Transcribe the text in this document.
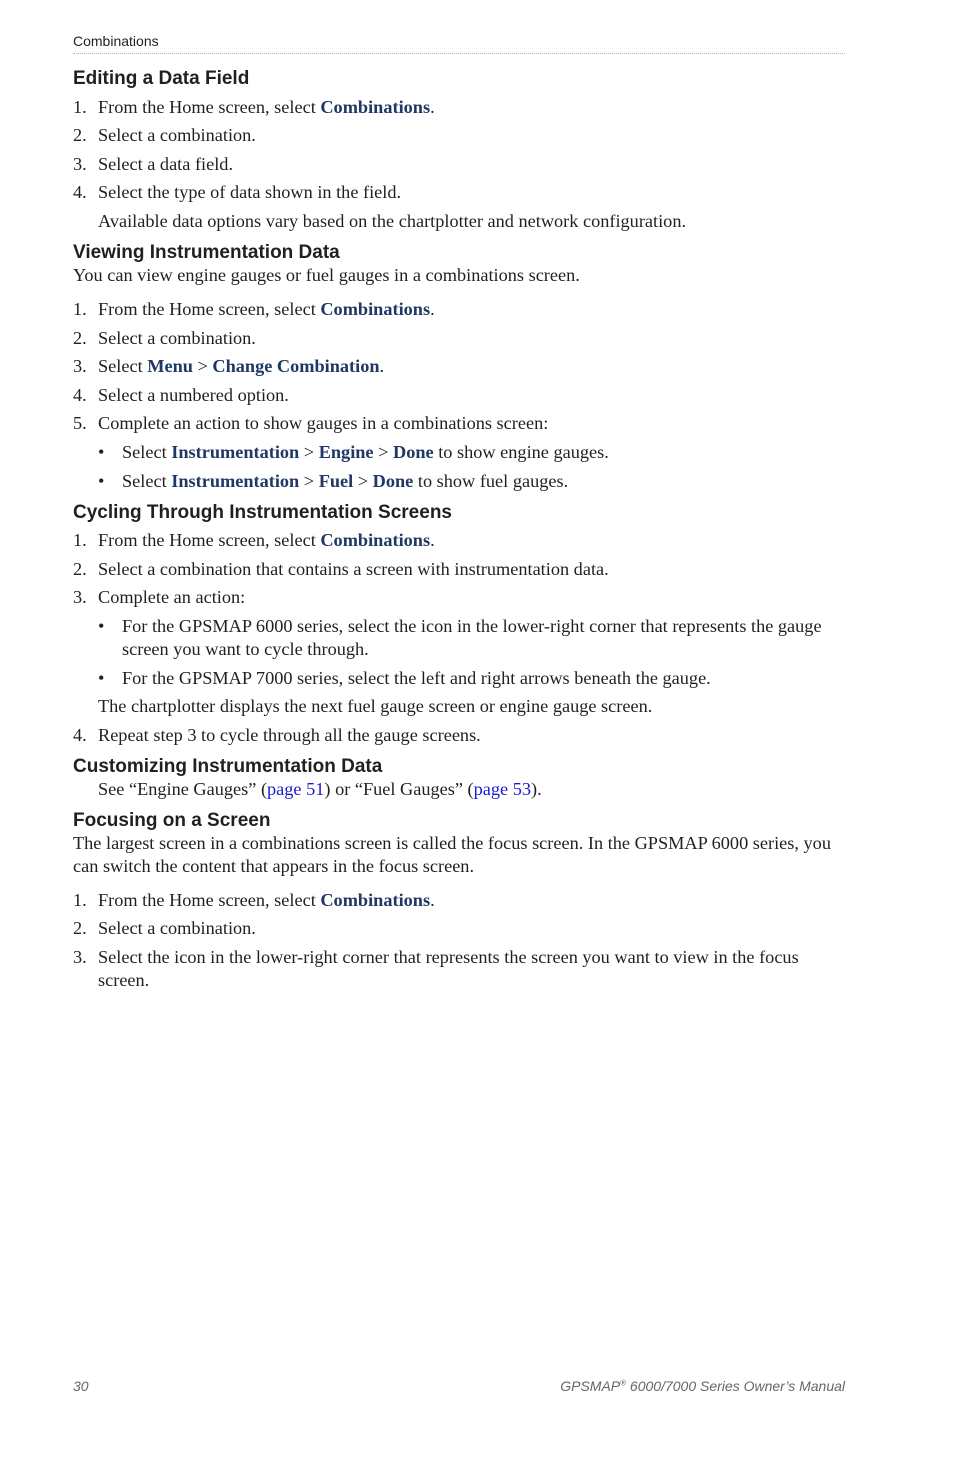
Combinations
Editing a Data Field
1. From the Home screen, select Combinations.
2. Select a combination.
3. Select a data field.
4. Select the type of data shown in the field.

Available data options vary based on the chartplotter and network configuration.

Viewing Instrumentation Data

You can view engine gauges or fuel gauges in a combinations screen.

1. From the Home screen, select Combinations.
2. Select a combination.
3. Select Menu > Change Combination.
4. Select a numbered option.
5. Complete an action to show gauges in a combinations screen:
• Select Instrumentation > Engine > Done to show engine gauges.
• Select Instrumentation > Fuel > Done to show fuel gauges.
Cycling Through Instrumentation Screens
1. From the Home screen, select Combinations.
2. Select a combination that contains a screen with instrumentation data.
3. Complete an action:
• For the GPSMAP 6000 series, select the icon in the lower-right corner that represents the gauge screen you want to cycle through.
• For the GPSMAP 7000 series, select the left and right arrows beneath the gauge.

The chartplotter displays the next fuel gauge screen or engine gauge screen.

4. Repeat step 3 to cycle through all the gauge screens.
Customizing Instrumentation Data

See “Engine Gauges” (page 51) or “Fuel Gauges” (page 53).

Focusing on a Screen

The largest screen in a combinations screen is called the focus screen. In the GPSMAP 6000 series, you can switch the content that appears in the focus screen.

1. From the Home screen, select Combinations.
2. Select a combination.
3. Select the icon in the lower-right corner that represents the screen you want to view in the focus screen.
30	GPSMAP® 6000/7000 Series Owner’s Manual
